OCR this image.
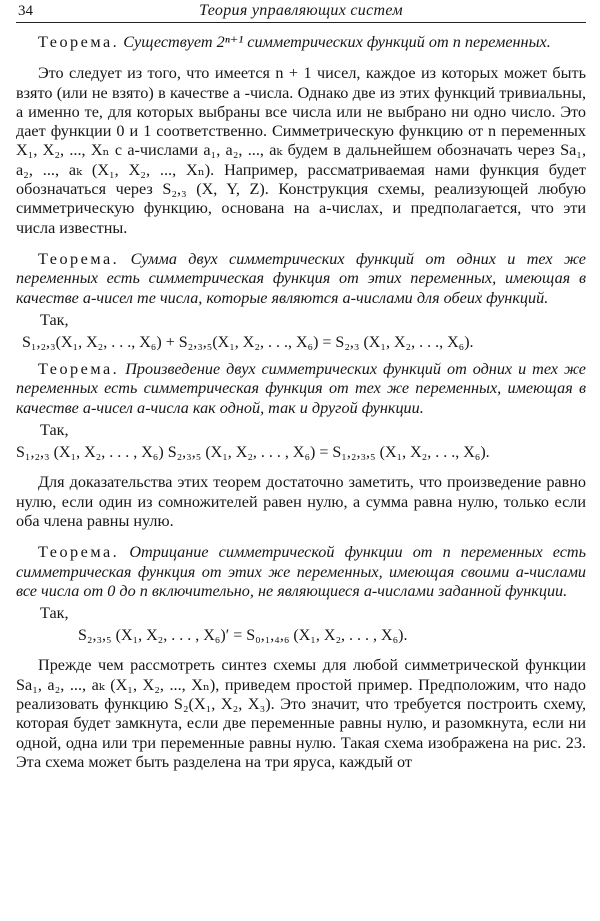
34	Теория управляющих систем

Теорема. Существует 2ⁿ⁺¹ симметрических функций от n переменных.

Это следует из того, что имеется n + 1 чисел, каждое из которых может быть взято (или не взято) в качестве a -числа. Однако две из этих функций тривиальны, а именно те, для которых выбраны все числа или не выбрано ни одно число. Это дает функции 0 и 1 соответственно. Симметрическую функцию от n переменных X₁, X₂, ..., Xₙ с a-числами a₁, a₂, ..., aₖ будем в дальнейшем обозначать через Sa₁, a₂, ..., aₖ (X₁, X₂, ..., Xₙ). Например, рассматриваемая нами функция будет обозначаться через S₂,₃ (X, Y, Z). Конструкция схемы, реализующей любую симметрическую функцию, основана на a-числах, и предполагается, что эти числа известны.

Теорема. Сумма двух симметрических функций от одних и тех же переменных есть симметрическая функция от этих переменных, имеющая в качестве a-чисел те числа, которые являются a-числами для обеих функций.

Так,
S₁,₂,₃(X₁, X₂, . . ., X₆) + S₂,₃,₅(X₁, X₂, . . ., X₆) = S₂,₃ (X₁, X₂, . . ., X₆).

Теорема. Произведение двух симметрических функций от одних и тех же переменных есть симметрическая функция от тех же переменных, имеющая в качестве a-чисел a-числа как одной, так и другой функции.

Так,
S₁,₂,₃ (X₁, X₂, . . . , X₆) S₂,₃,₅ (X₁, X₂, . . . , X₆) = S₁,₂,₃,₅ (X₁, X₂, . . ., X₆).

Для доказательства этих теорем достаточно заметить, что произведение равно нулю, если один из сомножителей равен нулю, а сумма равна нулю, только если оба члена равны нулю.

Теорема. Отрицание симметрической функции от n переменных есть симметрическая функция от этих же переменных, имеющая своими a-числами все числа от 0 до n включительно, не являющиеся a-числами заданной функции.

Так,
S₂,₃,₅ (X₁, X₂, . . . , X₆)′ = S₀,₁,₄,₆ (X₁, X₂, . . . , X₆).

Прежде чем рассмотреть синтез схемы для любой симметрической функции Sa₁, a₂, ..., aₖ (X₁, X₂, ..., Xₙ), приведем простой пример. Предположим, что надо реализовать функцию S₂(X₁, X₂, X₃). Это значит, что требуется построить схему, которая будет замкнута, если две переменные равны нулю, и разомкнута, если ни одной, одна или три переменные равны нулю. Такая схема изображена на рис. 23. Эта схема может быть разделена на три яруса, каждый от
